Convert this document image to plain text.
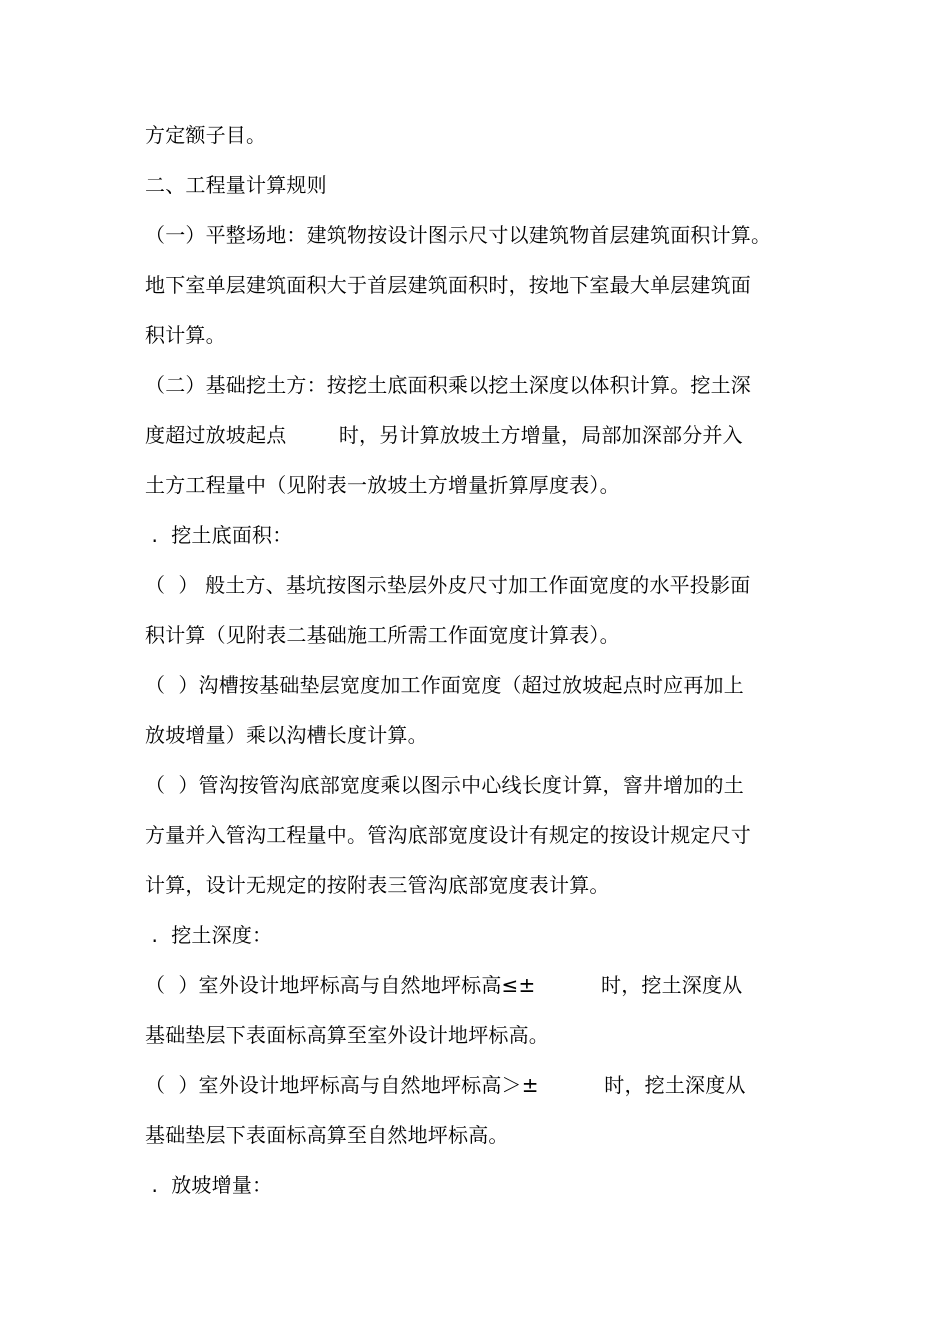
方定额子目。
二、工程量计算规则
（一）平整场地：建筑物按设计图示尺寸以建筑物首层建筑面积计算。
地下室单层建筑面积大于首层建筑面积时，按地下室最大单层建筑面
积计算。
（二）基础挖土方：按挖土底面积乘以挖土深度以体积计算。挖土深
度超过放坡起点        时，另计算放坡土方增量，局部加深部分并入
土方工程量中（见附表一放坡土方增量折算厚度表）。
.  挖土底面积：
（  ） 般土方、基坑按图示垫层外皮尺寸加工作面宽度的水平投影面
积计算（见附表二基础施工所需工作面宽度计算表）。
（  ）沟槽按基础垫层宽度加工作面宽度（超过放坡起点时应再加上
放坡增量）乘以沟槽长度计算。
（  ）管沟按管沟底部宽度乘以图示中心线长度计算，窨井增加的土
方量并入管沟工程量中。管沟底部宽度设计有规定的按设计规定尺寸
计算，设计无规定的按附表三管沟底部宽度表计算。
.  挖土深度：
（  ）室外设计地坪标高与自然地坪标高≤±          时，挖土深度从
基础垫层下表面标高算至室外设计地坪标高。
（  ）室外设计地坪标高与自然地坪标高＞±          时，挖土深度从
基础垫层下表面标高算至自然地坪标高。
.  放坡增量：
